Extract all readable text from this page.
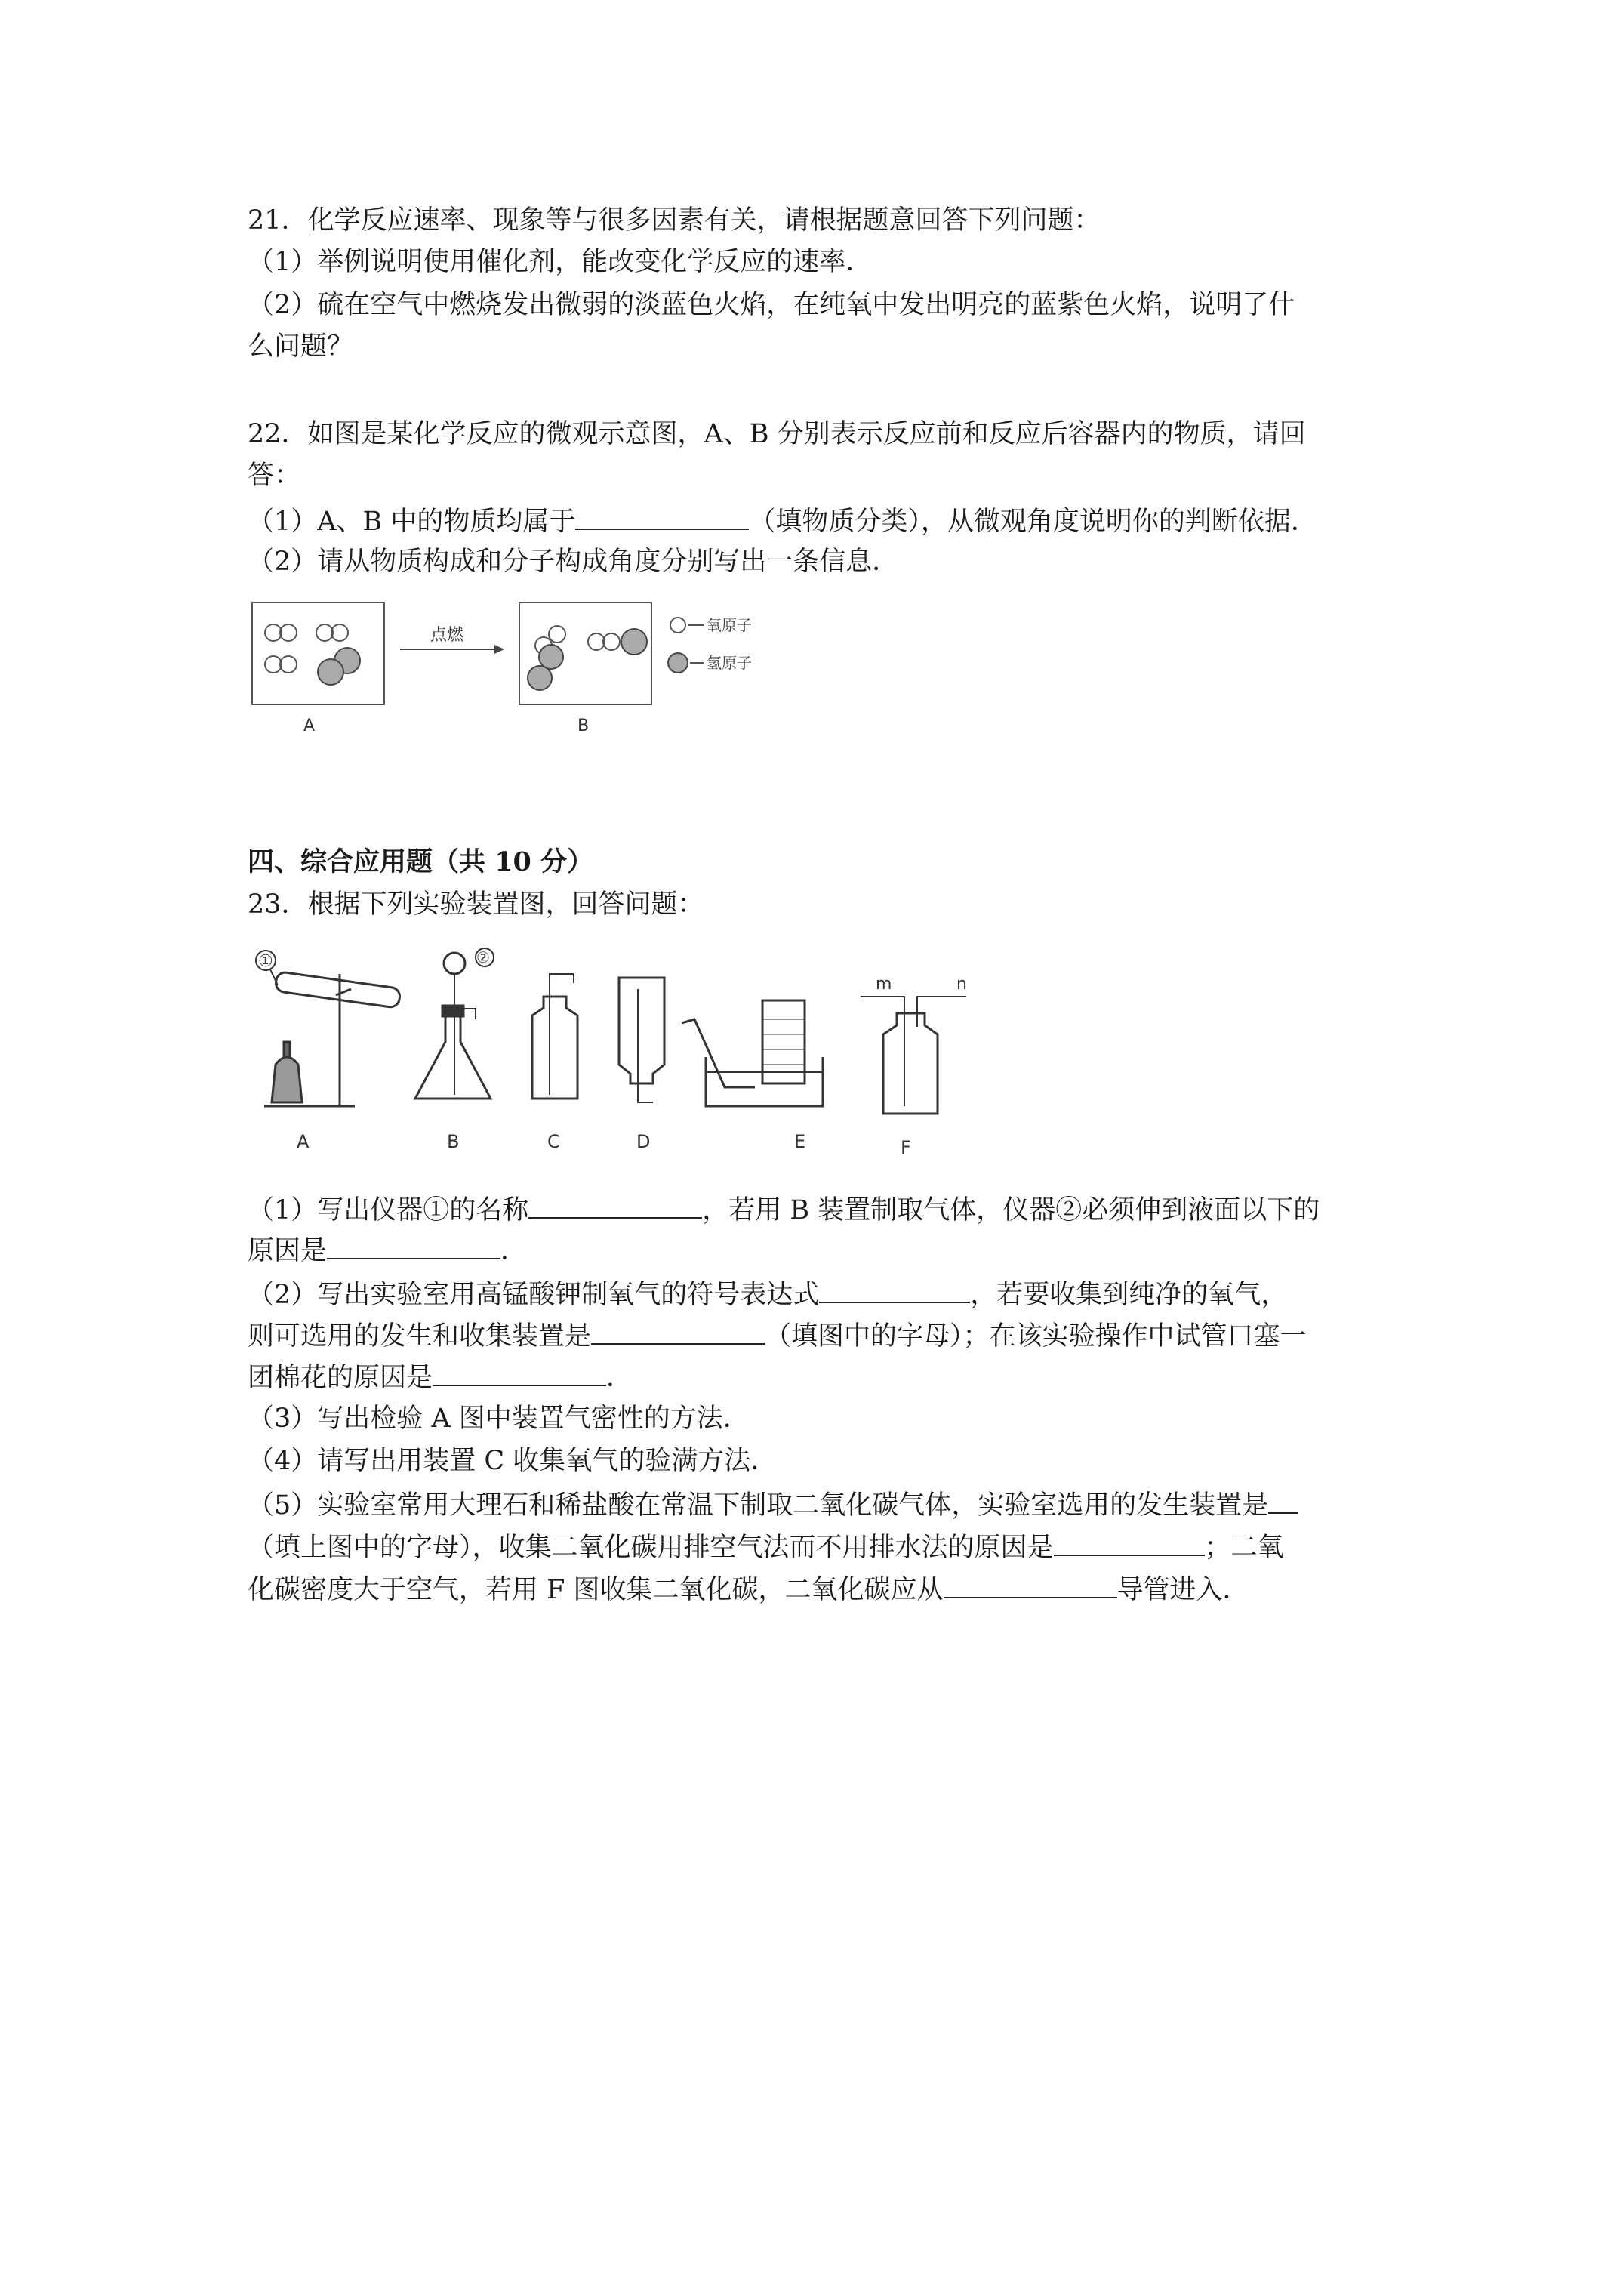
21．化学反应速率、现象等与很多因素有关，请根据题意回答下列问题：
（1）举例说明使用催化剂，能改变化学反应的速率．
（2）硫在空气中燃烧发出微弱的淡蓝色火焰，在纯氧中发出明亮的蓝紫色火焰，说明了什
么问题？
22．如图是某化学反应的微观示意图，A、B 分别表示反应前和反应后容器内的物质，请回
答：
（1）A、B 中的物质均属于	（填物质分类），从微观角度说明你的判断依据．
（2）请从物质构成和分子构成角度分别写出一条信息．
A
点燃
B
氧原子
氢原子
四、综合应用题（共 10 分）
23．根据下列实验装置图，回答问题：
①
A
②
B	C	D	E
m	n
F
（1）写出仪器①的名称	，若用 B 装置制取气体，仪器②必须伸到液面以下的
原因是	．
（2）写出实验室用高锰酸钾制氧气的符号表达式	，若要收集到纯净的氧气，
则可选用的发生和收集装置是	（填图中的字母）；在该实验操作中试管口塞一
团棉花的原因是	．
（3）写出检验 A 图中装置气密性的方法．
（4）请写出用装置 C 收集氧气的验满方法．
（5）实验室常用大理石和稀盐酸在常温下制取二氧化碳气体，实验室选用的发生装置是
（填上图中的字母），收集二氧化碳用排空气法而不用排水法的原因是	；二氧
化碳密度大于空气，若用 F 图收集二氧化碳，二氧化碳应从	导管进入．
